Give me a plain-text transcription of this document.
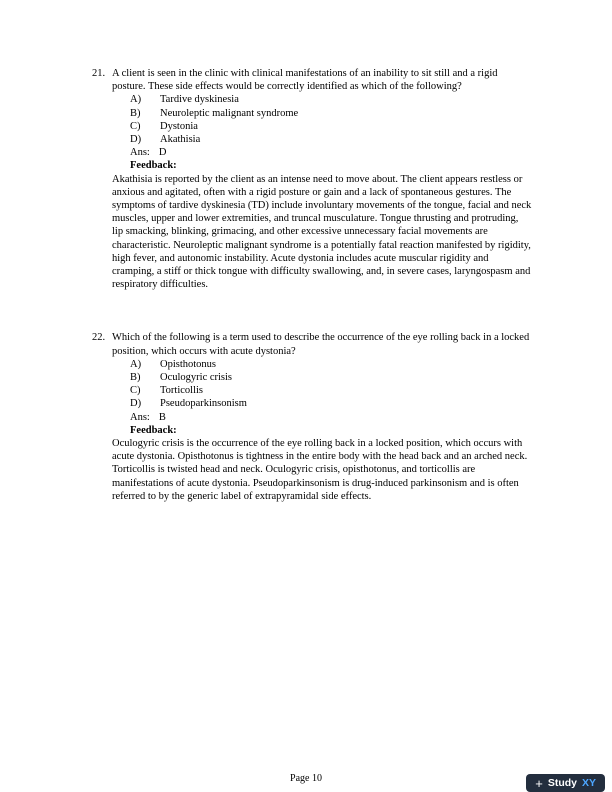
21. A client is seen in the clinic with clinical manifestations of an inability to sit still and a rigid posture. These side effects would be correctly identified as which of the following?
A)	Tardive dyskinesia
B)	Neuroleptic malignant syndrome
C)	Dystonia
D)	Akathisia
Ans: D
Feedback:
Akathisia is reported by the client as an intense need to move about. The client appears restless or anxious and agitated, often with a rigid posture or gain and a lack of spontaneous gestures. The symptoms of tardive dyskinesia (TD) include involuntary movements of the tongue, facial and neck muscles, upper and lower extremities, and truncal musculature. Tongue thrusting and protruding, lip smacking, blinking, grimacing, and other excessive unnecessary facial movements are characteristic. Neuroleptic malignant syndrome is a potentially fatal reaction manifested by rigidity, high fever, and autonomic instability. Acute dystonia includes acute muscular rigidity and cramping, a stiff or thick tongue with difficulty swallowing, and, in severe cases, laryngospasm and respiratory difficulties.
22. Which of the following is a term used to describe the occurrence of the eye rolling back in a locked position, which occurs with acute dystonia?
A)	Opisthotonus
B)	Oculogyric crisis
C)	Torticollis
D)	Pseudoparkinsonism
Ans: B
Feedback:
Oculogyric crisis is the occurrence of the eye rolling back in a locked position, which occurs with acute dystonia. Opisthotonus is tightness in the entire body with the head back and an arched neck. Torticollis is twisted head and neck. Oculogyric crisis, opisthotonus, and torticollis are manifestations of acute dystonia. Pseudoparkinsonism is drug-induced parkinsonism and is often referred to by the generic label of extrapyramidal side effects.
Page 10	+ Study XY
